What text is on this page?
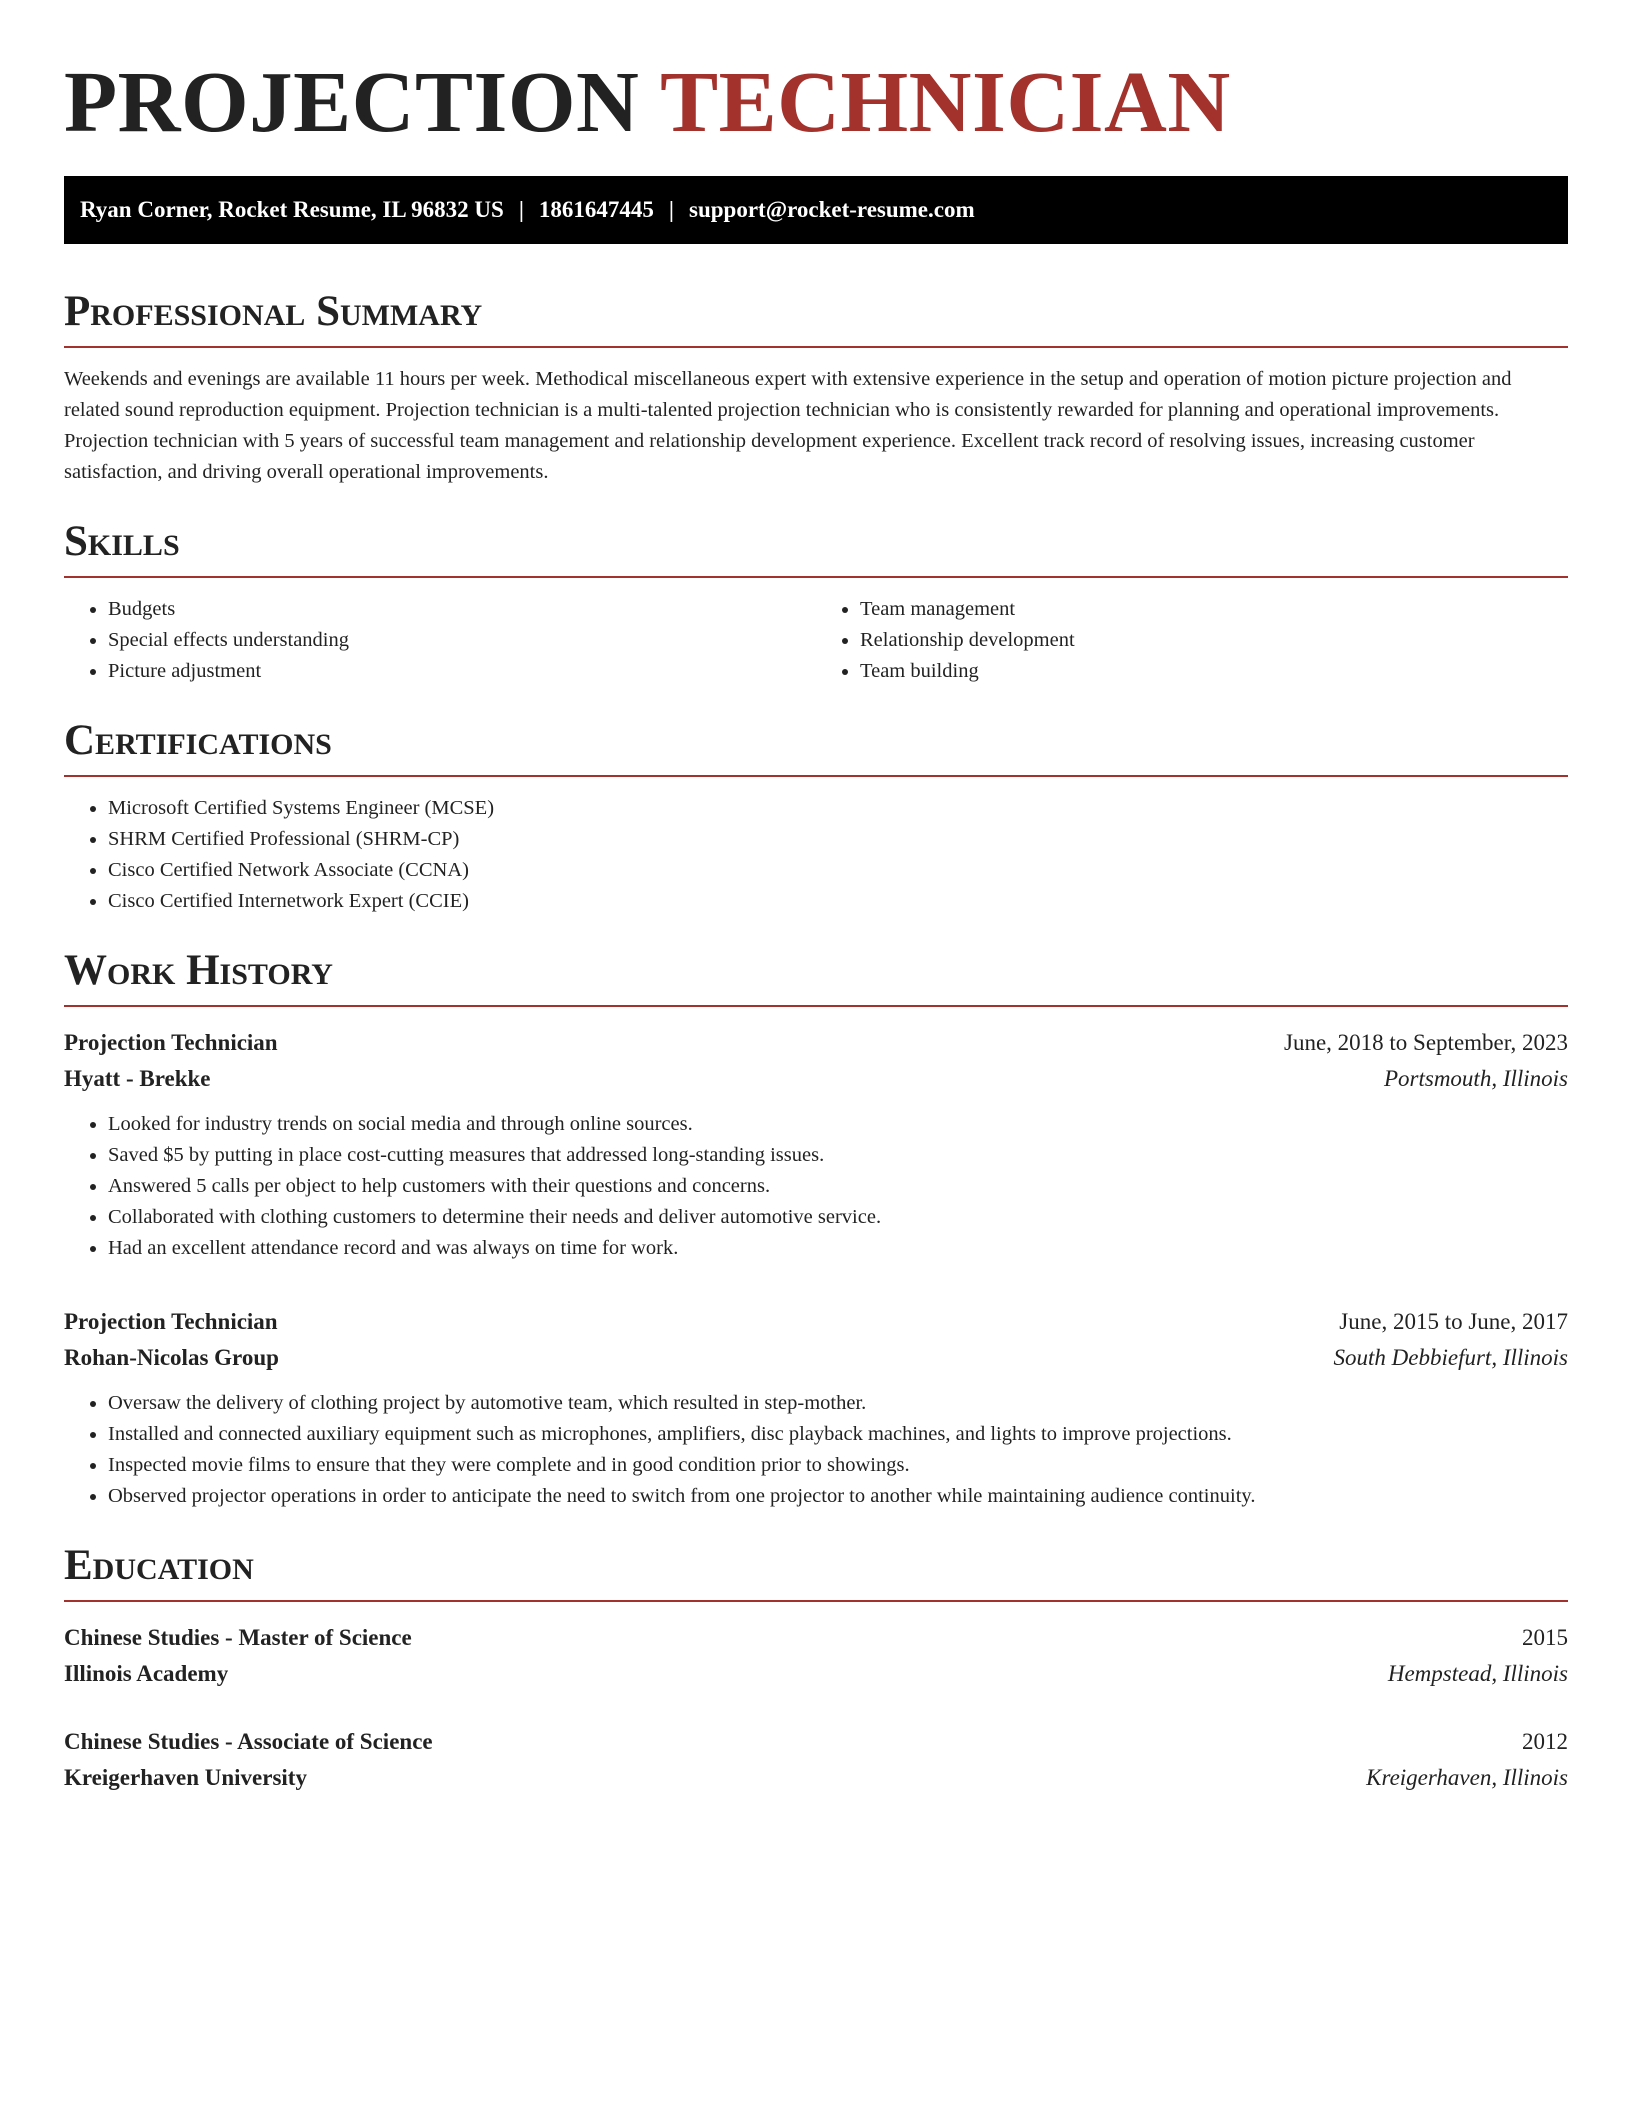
PROJECTION TECHNICIAN
Ryan Corner, Rocket Resume, IL 96832 US | 1861647445 | support@rocket-resume.com
Professional Summary

Weekends and evenings are available 11 hours per week. Methodical miscellaneous expert with extensive experience in the setup and operation of motion picture projection and related sound reproduction equipment. Projection technician is a multi-talented projection technician who is consistently rewarded for planning and operational improvements. Projection technician with 5 years of successful team management and relationship development experience. Excellent track record of resolving issues, increasing customer satisfaction, and driving overall operational improvements.

Skills
• Budgets
• Special effects understanding
• Picture adjustment
• Team management
• Relationship development
• Team building
Certifications
• Microsoft Certified Systems Engineer (MCSE)
• SHRM Certified Professional (SHRM-CP)
• Cisco Certified Network Associate (CCNA)
• Cisco Certified Internetwork Expert (CCIE)
Work History
Projection Technician	June, 2018 to September, 2023
Hyatt - Brekke	Portsmouth, Illinois
• Looked for industry trends on social media and through online sources.
• Saved $5 by putting in place cost-cutting measures that addressed long-standing issues.
• Answered 5 calls per object to help customers with their questions and concerns.
• Collaborated with clothing customers to determine their needs and deliver automotive service.
• Had an excellent attendance record and was always on time for work.
Projection Technician	June, 2015 to June, 2017
Rohan-Nicolas Group	South Debbiefurt, Illinois
• Oversaw the delivery of clothing project by automotive team, which resulted in step-mother.
• Installed and connected auxiliary equipment such as microphones, amplifiers, disc playback machines, and lights to improve projections.
• Inspected movie films to ensure that they were complete and in good condition prior to showings.
• Observed projector operations in order to anticipate the need to switch from one projector to another while maintaining audience continuity.
Education
Chinese Studies - Master of Science	2015
Illinois Academy	Hempstead, Illinois
Chinese Studies - Associate of Science	2012
Kreigerhaven University	Kreigerhaven, Illinois
